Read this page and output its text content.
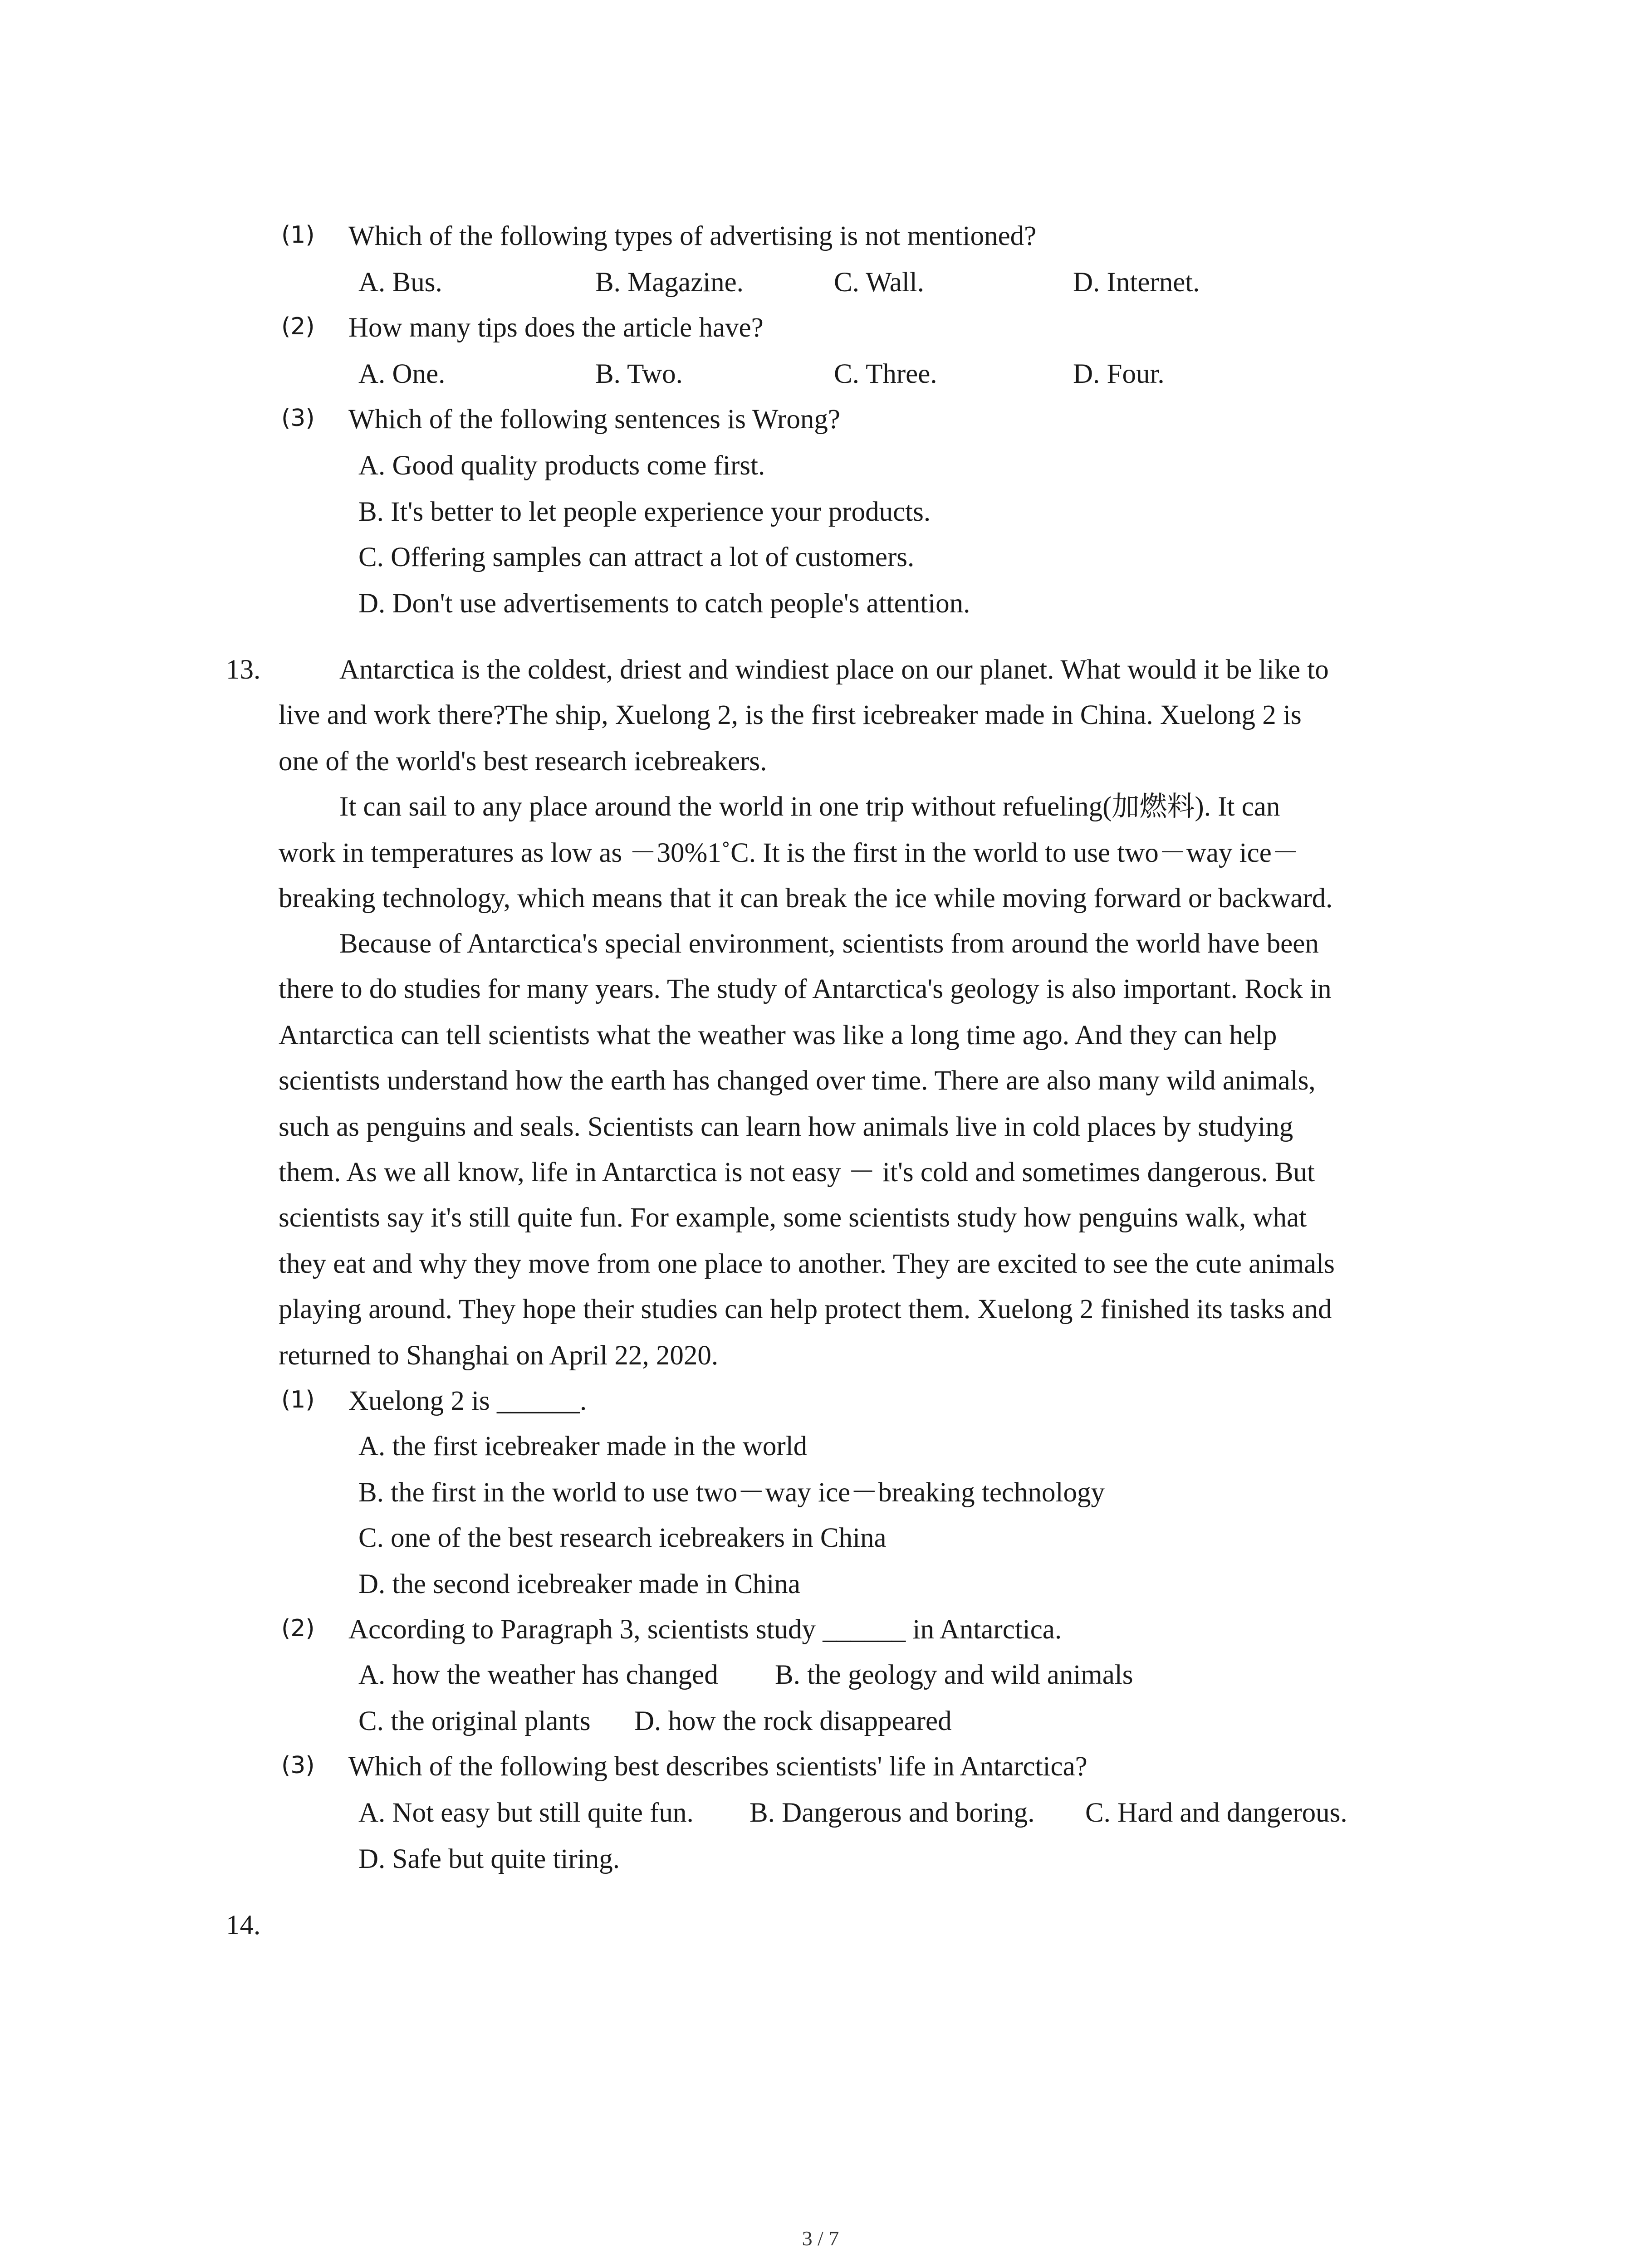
(1) Which of the following types of advertising is not mentioned?
A. Bus.	B. Magazine.	C. Wall.	D. Internet.
(2) How many tips does the article have?
A. One.	B. Two.	C. Three.	D. Four.
(3) Which of the following sentences is Wrong?
A. Good quality products come first.
B. It's better to let people experience your products.
C. Offering samples can attract a lot of customers.
D. Don't use advertisements to catch people's attention.
13.	Antarctica is the coldest, driest and windiest place on our planet. What would it be like to
live and work there?The ship, Xuelong 2, is the first icebreaker made in China. Xuelong 2 is
one of the world's best research icebreakers.
It can sail to any place around the world in one trip without refueling(加燃料). It can
work in temperatures as low as －30%1˚C. It is the first in the world to use two－way ice－
breaking technology, which means that it can break the ice while moving forward or backward.
Because of Antarctica's special environment, scientists from around the world have been
there to do studies for many years. The study of Antarctica's geology is also important. Rock in
Antarctica can tell scientists what the weather was like a long time ago. And they can help
scientists understand how the earth has changed over time. There are also many wild animals,
such as penguins and seals. Scientists can learn how animals live in cold places by studying
them. As we all know, life in Antarctica is not easy － it's cold and sometimes dangerous. But
scientists say it's still quite fun. For example, some scientists study how penguins walk, what
they eat and why they move from one place to another. They are excited to see the cute animals
playing around. They hope their studies can help protect them. Xuelong 2 finished its tasks and
returned to Shanghai on April 22, 2020.
(1) Xuelong 2 is ______.
A. the first icebreaker made in the world
B. the first in the world to use two－way ice－breaking technology
C. one of the best research icebreakers in China
D. the second icebreaker made in China
(2) According to Paragraph 3, scientists study ______ in Antarctica.
A. how the weather has changed B. the geology and wild animals
C. the original plants D. how the rock disappeared
(3) Which of the following best describes scientists' life in Antarctica?
A. Not easy but still quite fun. B. Dangerous and boring. C. Hard and dangerous.
D. Safe but quite tiring.
14.
3 / 7
